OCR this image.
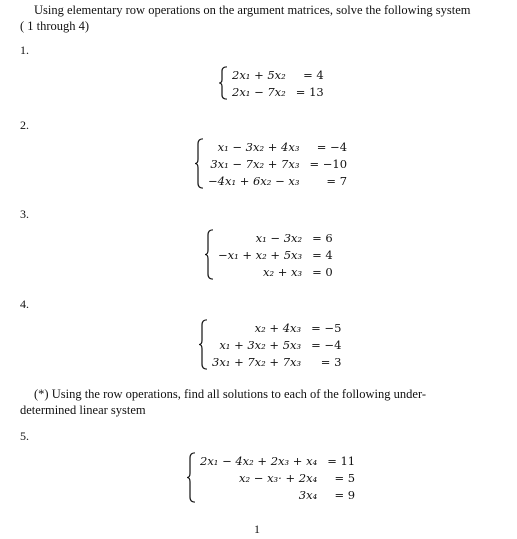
Using elementary row operations on the argument matrices, solve the following system
( 1 through 4)
1.
2x₁ + 5x₂	= 4
2x₁ − 7x₂	= 13
2.
x₁ − 3x₂ + 4x₃	= −4
3x₁ − 7x₂ + 7x₃	= −10
−4x₁ + 6x₂ − x₃	= 7
3.
x₁ − 3x₂	= 6
−x₁ + x₂ + 5x₃	= 4
x₂ + x₃	= 0
4.
x₂ + 4x₃	= −5
x₁ + 3x₂ + 5x₃	= −4
3x₁ + 7x₂ + 7x₃	= 3
(*) Using the row operations, find all solutions to each of the following under-
determined linear system
5.
2x₁ − 4x₂ + 2x₃ + x₄	= 11
x₂ − x₃· + 2x₄	= 5
3x₄	= 9
1
